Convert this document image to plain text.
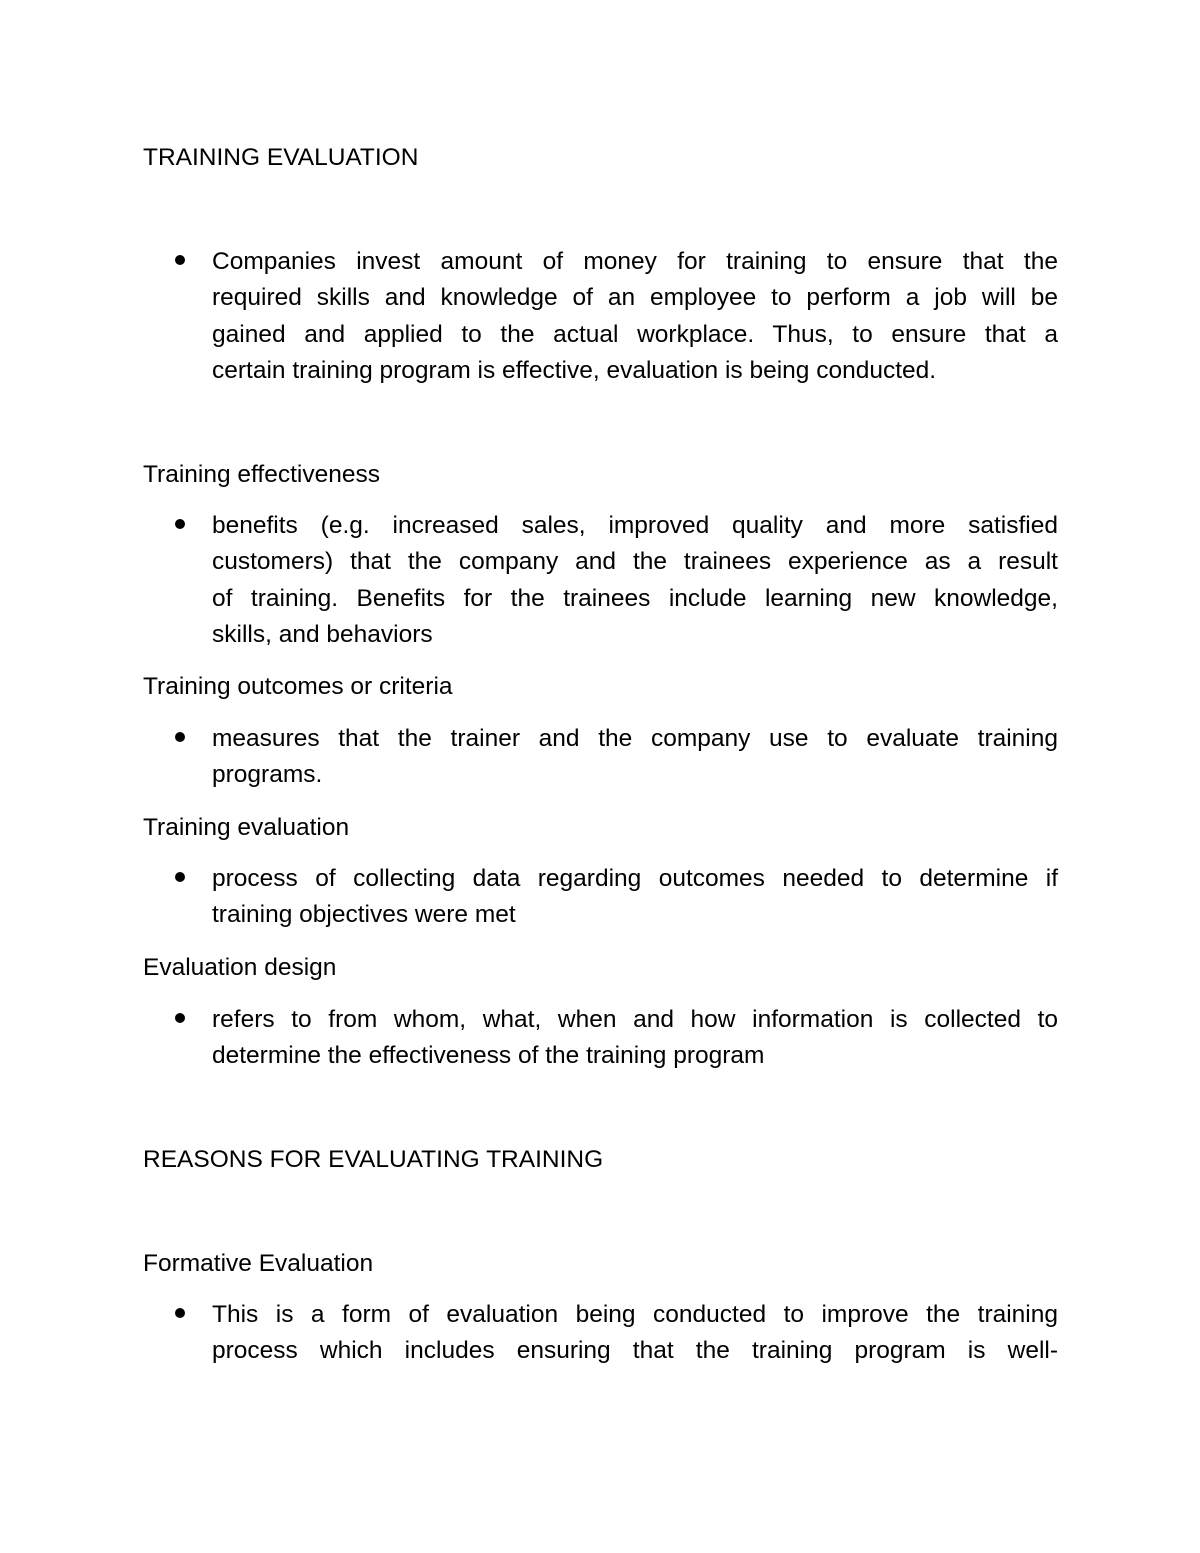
TRAINING EVALUATION
Companies invest amount of money for training to ensure that the
required skills and knowledge of an employee to perform a job will be
gained and applied to the actual workplace. Thus, to ensure that a
certain training program is effective, evaluation is being conducted.
Training effectiveness
benefits (e.g. increased sales, improved quality and more satisfied
customers) that the company and the trainees experience as a result
of training. Benefits for the trainees include learning new knowledge,
skills, and behaviors
Training outcomes or criteria
measures that the trainer and the company use to evaluate training
programs.
Training evaluation
process of collecting data regarding outcomes needed to determine if
training objectives were met
Evaluation design
refers to from whom, what, when and how information is collected to
determine the effectiveness of the training program
REASONS FOR EVALUATING TRAINING
Formative Evaluation
This is a form of evaluation being conducted to improve the training
process which includes ensuring that the training program is well-
